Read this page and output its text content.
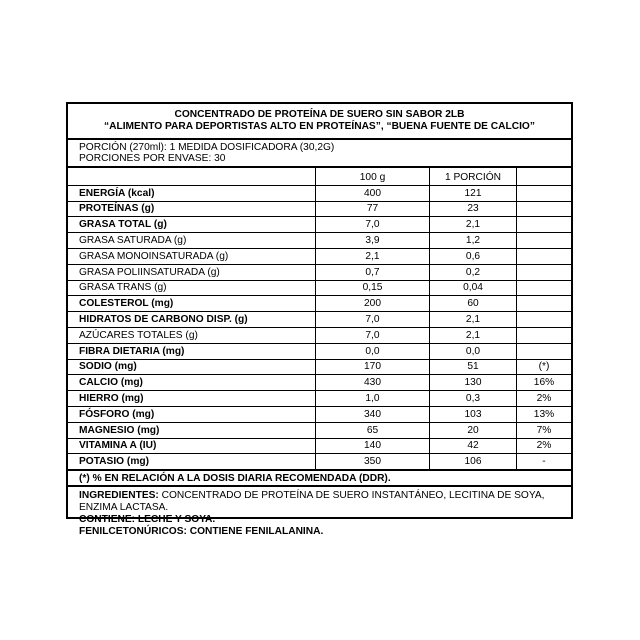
CONCENTRADO DE PROTEÍNA DE SUERO SIN SABOR 2LB
“ALIMENTO PARA DEPORTISTAS ALTO EN PROTEÍNAS”, “BUENA FUENTE DE CALCIO”
PORCIÓN (270ml): 1 MEDIDA DOSIFICADORA (30,2G)
PORCIONES POR ENVASE: 30
	100 g	1 PORCIÓN	
ENERGÍA (kcal)	400	121	
PROTEÍNAS (g)	77	23	
GRASA TOTAL (g)	7,0	2,1	
GRASA SATURADA (g)	3,9	1,2	
GRASA MONOINSATURADA (g)	2,1	0,6	
GRASA POLIINSATURADA (g)	0,7	0,2	
GRASA TRANS (g)	0,15	0,04	
COLESTEROL (mg)	200	60	
HIDRATOS DE CARBONO DISP. (g)	7,0	2,1	
AZÚCARES TOTALES (g)	7,0	2,1	
FIBRA DIETARIA (mg)	0,0	0,0	
SODIO (mg)	170	51	(*)
CALCIO (mg)	430	130	16%
HIERRO (mg)	1,0	0,3	2%
FÓSFORO (mg)	340	103	13%
MAGNESIO (mg)	65	20	7%
VITAMINA A (IU)	140	42	2%
POTASIO (mg)	350	106	-
(*) % EN RELACIÓN A LA DOSIS DIARIA RECOMENDADA (DDR).
INGREDIENTES: CONCENTRADO DE PROTEÍNA DE SUERO INSTANTÁNEO, LECITINA DE SOYA, ENZIMA LACTASA.
CONTIENE: LECHE Y SOYA.
FENILCETONÚRICOS: CONTIENE FENILALANINA.
